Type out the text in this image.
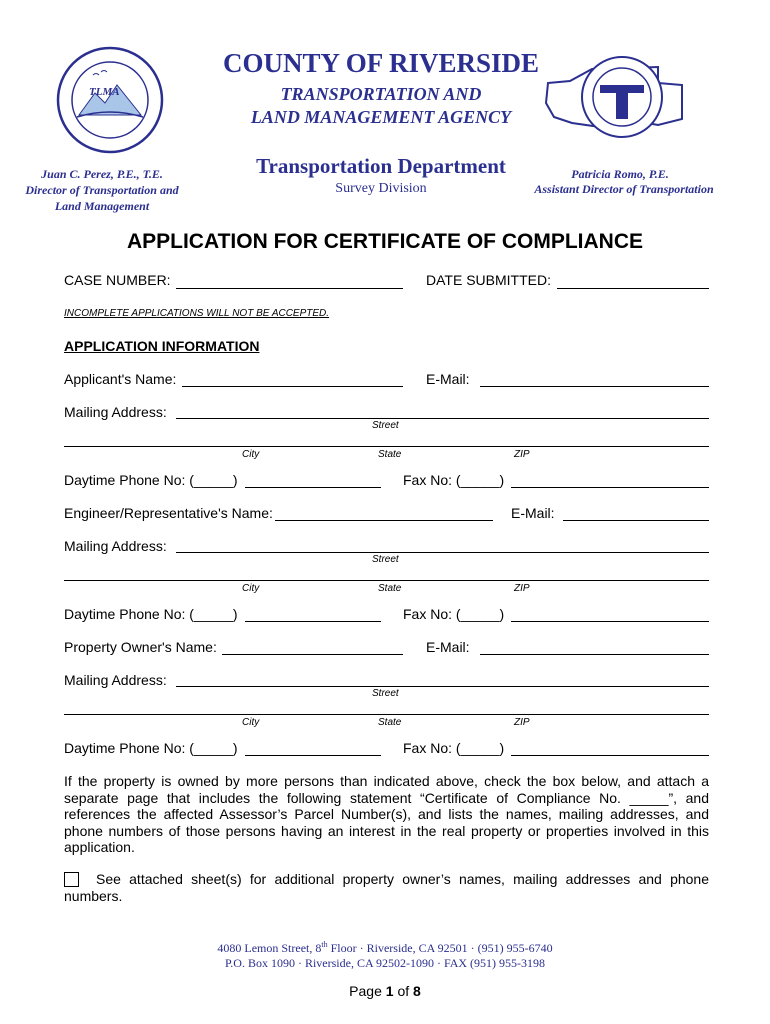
TLMA
COUNTY OF RIVERSIDE
TRANSPORTATION AND
LAND MANAGEMENT AGENCY
Transportation Department
Survey Division
Juan C. Perez, P.E., T.E.
Director of Transportation and
Land Management
Patricia Romo, P.E.
Assistant Director of Transportation
APPLICATION FOR CERTIFICATE OF COMPLIANCE
CASE NUMBER:	DATE SUBMITTED:
INCOMPLETE APPLICATIONS WILL NOT BE ACCEPTED.
APPLICATION INFORMATION
Applicant's Name:	E-Mail:
Mailing Address:
Street
City	State	ZIP
Daytime Phone No: (_____)	Fax No: (_____)
Engineer/Representative's Name:	E-Mail:
Mailing Address:
Street
City	State	ZIP
Daytime Phone No: (_____)	Fax No: (_____)
Property Owner's Name:	E-Mail:
Mailing Address:
Street
City	State	ZIP
Daytime Phone No: (_____)	Fax No: (_____)
If the property is owned by more persons than indicated above, check the box below, and attach a separate page that includes the following statement “Certificate of Compliance No. _____”, and references the affected Assessor’s Parcel Number(s), and lists the names, mailing addresses, and phone numbers of those persons having an interest in the real property or properties involved in this application.
See attached sheet(s) for additional property owner’s names, mailing addresses and phone numbers.
4080 Lemon Street, 8th Floor · Riverside, CA 92501 · (951) 955-6740
P.O. Box 1090 · Riverside, CA 92502-1090 · FAX (951) 955-3198
Page 1 of 8
